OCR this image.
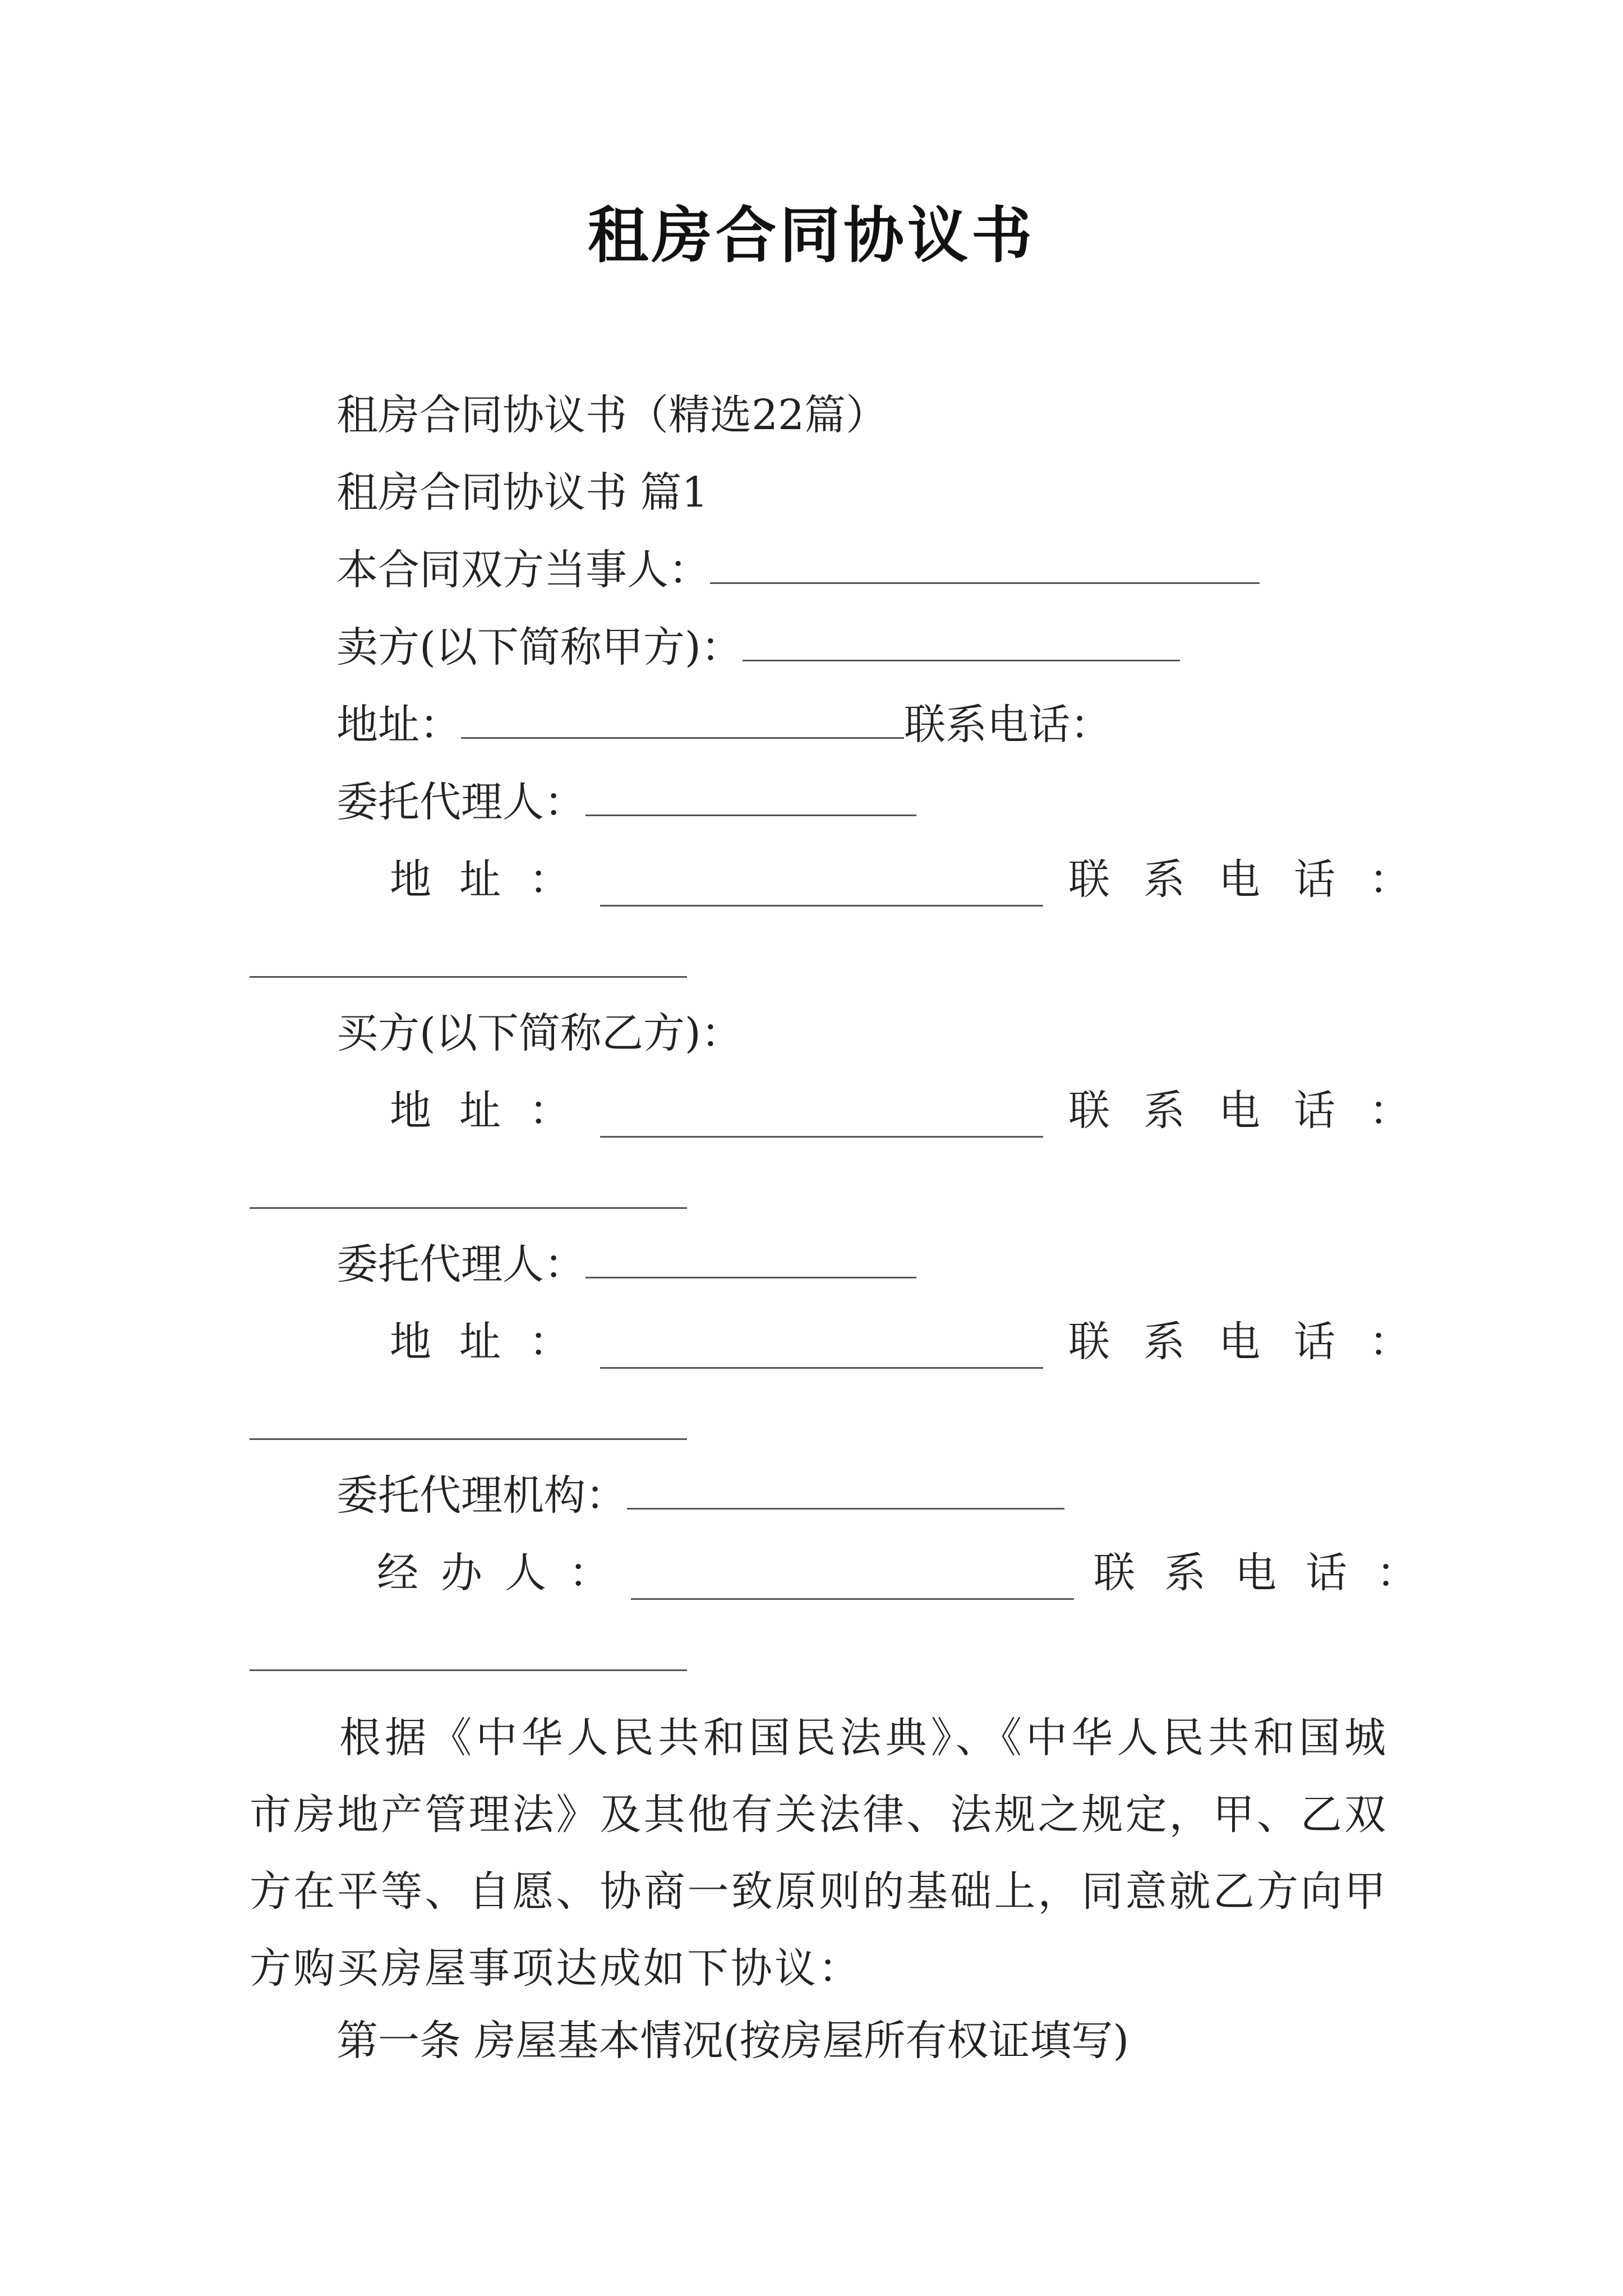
租房合同协议书
租房合同协议书（精选22篇）
租房合同协议书 篇1
本合同双方当事人：
卖方(以下简称甲方)：
地址：	联系电话：
委托代理人：
地 址 ：	联 系 电 话 ：
买方(以下简称乙方)：
地 址 ：	联 系 电 话 ：
委托代理人：
地 址 ：	联 系 电 话 ：
委托代理机构：
经 办 人 ：	联 系 电 话 ：
根据《中华人民共和国民法典》、《中华人民共和国城市房地产管理法》及其他有关法律、法规之规定，甲、乙双方在平等、自愿、协商一致原则的基础上，同意就乙方向甲方购买房屋事项达成如下协议：
第一条 房屋基本情况(按房屋所有权证填写)
